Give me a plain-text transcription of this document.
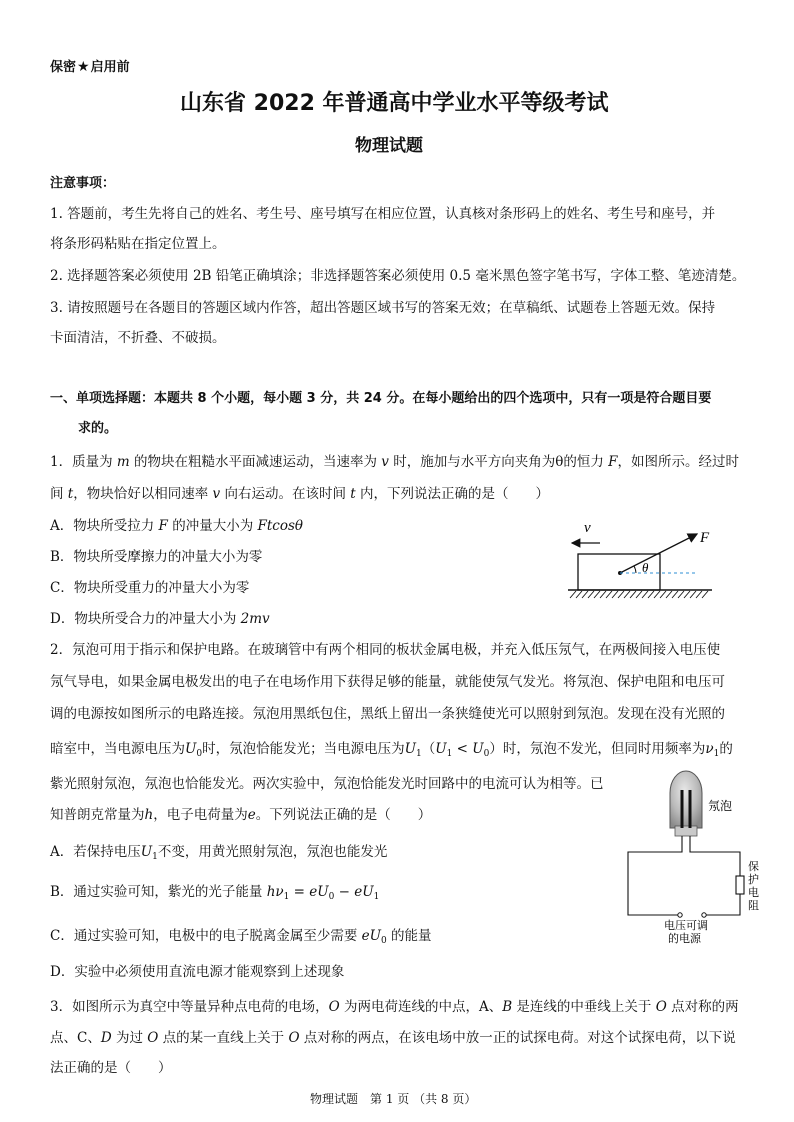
保密★启用前
山东省 2022 年普通高中学业水平等级考试
物理试题
注意事项：
1. 答题前，考生先将自己的姓名、考生号、座号填写在相应位置，认真核对条形码上的姓名、考生号和座号，并
将条形码粘贴在指定位置上。
2. 选择题答案必须使用 2B 铅笔正确填涂；非选择题答案必须使用 0.5 毫米黑色签字笔书写，字体工整、笔迹清楚。
3. 请按照题号在各题目的答题区域内作答，超出答题区域书写的答案无效；在草稿纸、试题卷上答题无效。保持
卡面清洁，不折叠、不破损。
一、单项选择题：本题共 8 个小题，每小题 3 分，共 24 分。在每小题给出的四个选项中，只有一项是符合题目要
求的。
1．质量为 m 的物块在粗糙水平面减速运动，当速率为 v 时，施加与水平方向夹角为θ的恒力 F，如图所示。经过时
间 t，物块恰好以相同速率 v 向右运动。在该时间 t 内，下列说法正确的是（　　）
A．物块所受拉力 F 的冲量大小为 Ftcosθ
B．物块所受摩擦力的冲量大小为零
C．物块所受重力的冲量大小为零
D．物块所受合力的冲量大小为 2mv
v
F
θ
2．氖泡可用于指示和保护电路。在玻璃管中有两个相同的板状金属电极，并充入低压氖气，在两极间接入电压使
氖气导电，如果金属电极发出的电子在电场作用下获得足够的能量，就能使氖气发光。将氖泡、保护电阻和电压可
调的电源按如图所示的电路连接。氖泡用黑纸包住，黑纸上留出一条狭缝使光可以照射到氖泡。发现在没有光照的
暗室中，当电源电压为$U_0$时，氖泡恰能发光；当电源电压为$U_1(U_1 < U_0)$时，氖泡不发光，但同时用频率为$\nu_1$的
紫光照射氖泡，氖泡也恰能发光。两次实验中，氖泡恰能发光时回路中的电流可认为相等。已
知普朗克常量为h，电子电荷量为e。下列说法正确的是（　　）
A．若保持电压$U_1$不变，用黄光照射氖泡，氖泡也能发光
B．通过实验可知，紫光的光子能量 $h\nu_1 = eU_0 - eU_1$
C．通过实验可知，电极中的电子脱离金属至少需要 $eU_0$ 的能量
D．实验中必须使用直流电源才能观察到上述现象
氖泡
保
护
电
阻
电压可调
的电源
3．如图所示为真空中等量异种点电荷的电场，O 为两电荷连线的中点，A、B 是连线的中垂线上关于 O 点对称的两
点、C、D 为过 O 点的某一直线上关于 O 点对称的两点，在该电场中放一正的试探电荷。对这个试探电荷，以下说
法正确的是（　　）
物理试题　第 1 页 （共 8 页）
